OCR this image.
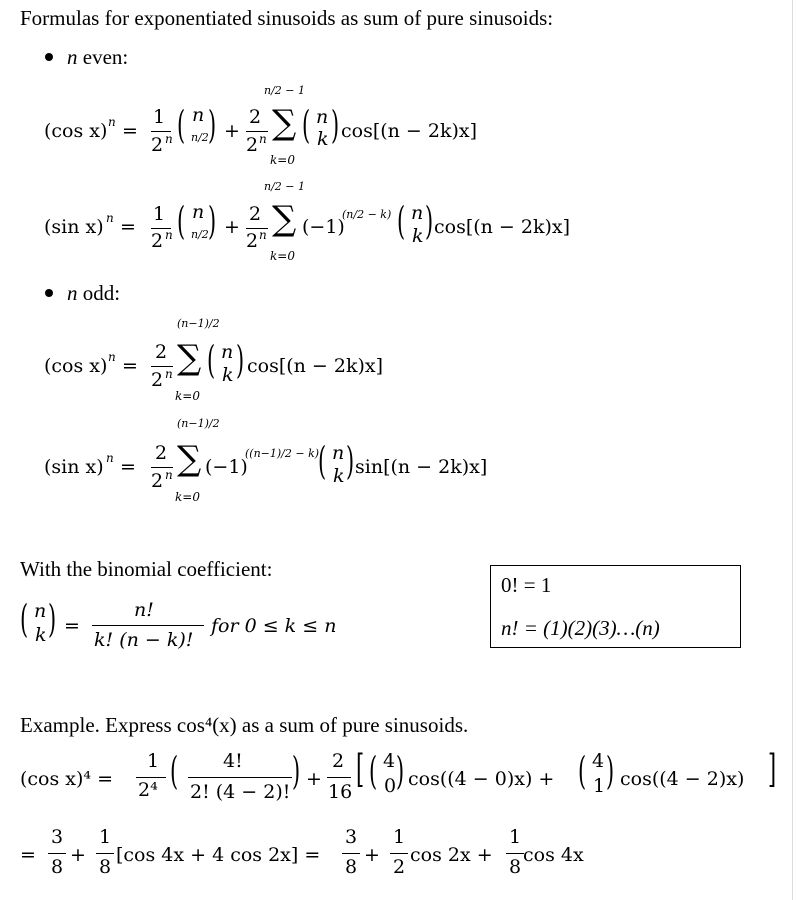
Formulas for exponentiated sinusoids as sum of pure sinusoids:
n even:
(cos x) n =
1
2 n ( n
n/2 ) +
2
2 n
n/2 − 1
∑
k=0
( n
k ) cos[(n − 2k)x]
(sin x) n =
1
2 n ( n
n/2 ) +
2
2 n
n/2 − 1
∑
k=0
(−1)
(n/2 − k) ( n
k ) cos[(n − 2k)x]
n odd:
(cos x) n =
2
2 n
(n−1)/2
∑
k=0
( n
k ) cos[(n − 2k)x]
(sin x) n =
2
2 n
(n−1)/2
∑
k=0
(−1)
((n−1)/2 − k)
( n
k ) sin[(n − 2k)x]
With the binomial coefficient:
( n
k ) =
n!
k! (n − k)!
for 0 ≤ k ≤ n
0! = 1
n! = (1)(2)(3)…(n)
Example. Express cos⁴(x) as a sum of pure sinusoids.
(cos x)⁴ =
1
2⁴ ( 4!
2! (4 − 2)! ) +
2
16
[ ( 4
0 ) cos((4 − 0)x) + ( 4
1 ) cos((4 − 2)x) ]
=
3
8
+
1
8
[cos 4x + 4 cos 2x] =
3
8
+
1
2
cos 2x +
1
8
cos 4x
